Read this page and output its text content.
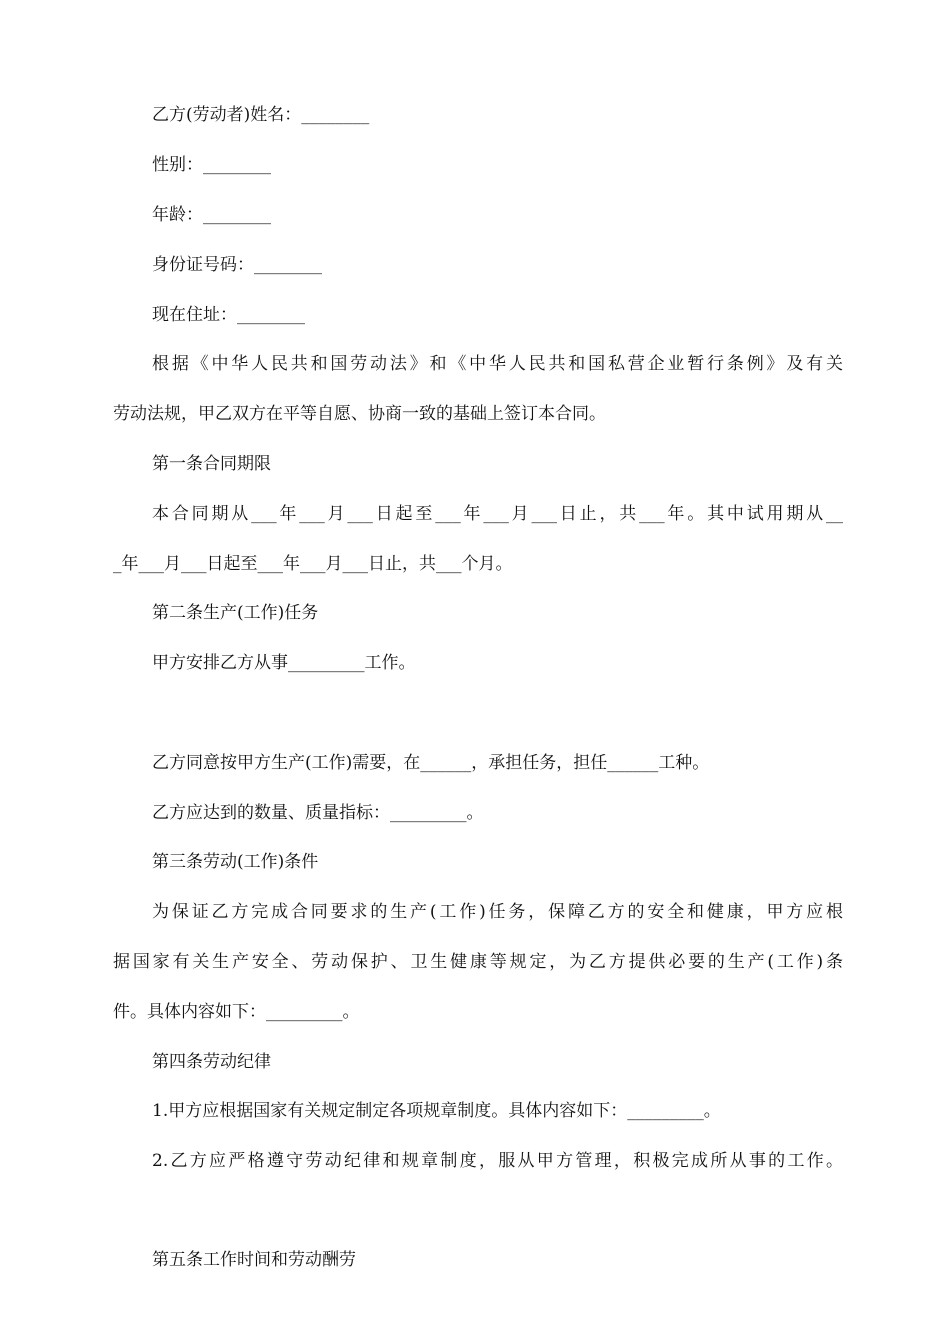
乙方(劳动者)姓名：________
性别：________
年龄：________
身份证号码：________
现在住址：________
根据《中华人民共和国劳动法》和《中华人民共和国私营企业暂行条例》及有关
劳动法规，甲乙双方在平等自愿、协商一致的基础上签订本合同。
第一条合同期限
本合同期从___年___月___日起至___年___月___日止，共___年。其中试用期从__
_年___月___日起至___年___月___日止，共___个月。
第二条生产(工作)任务
甲方安排乙方从事_________工作。
乙方同意按甲方生产(工作)需要，在______，承担任务，担任______工种。
乙方应达到的数量、质量指标：_________。
第三条劳动(工作)条件
为保证乙方完成合同要求的生产(工作)任务，保障乙方的安全和健康，甲方应根
据国家有关生产安全、劳动保护、卫生健康等规定，为乙方提供必要的生产(工作)条
件。具体内容如下：_________。
第四条劳动纪律
1.甲方应根据国家有关规定制定各项规章制度。具体内容如下：_________。
2.乙方应严格遵守劳动纪律和规章制度，服从甲方管理，积极完成所从事的工作。
第五条工作时间和劳动酬劳
